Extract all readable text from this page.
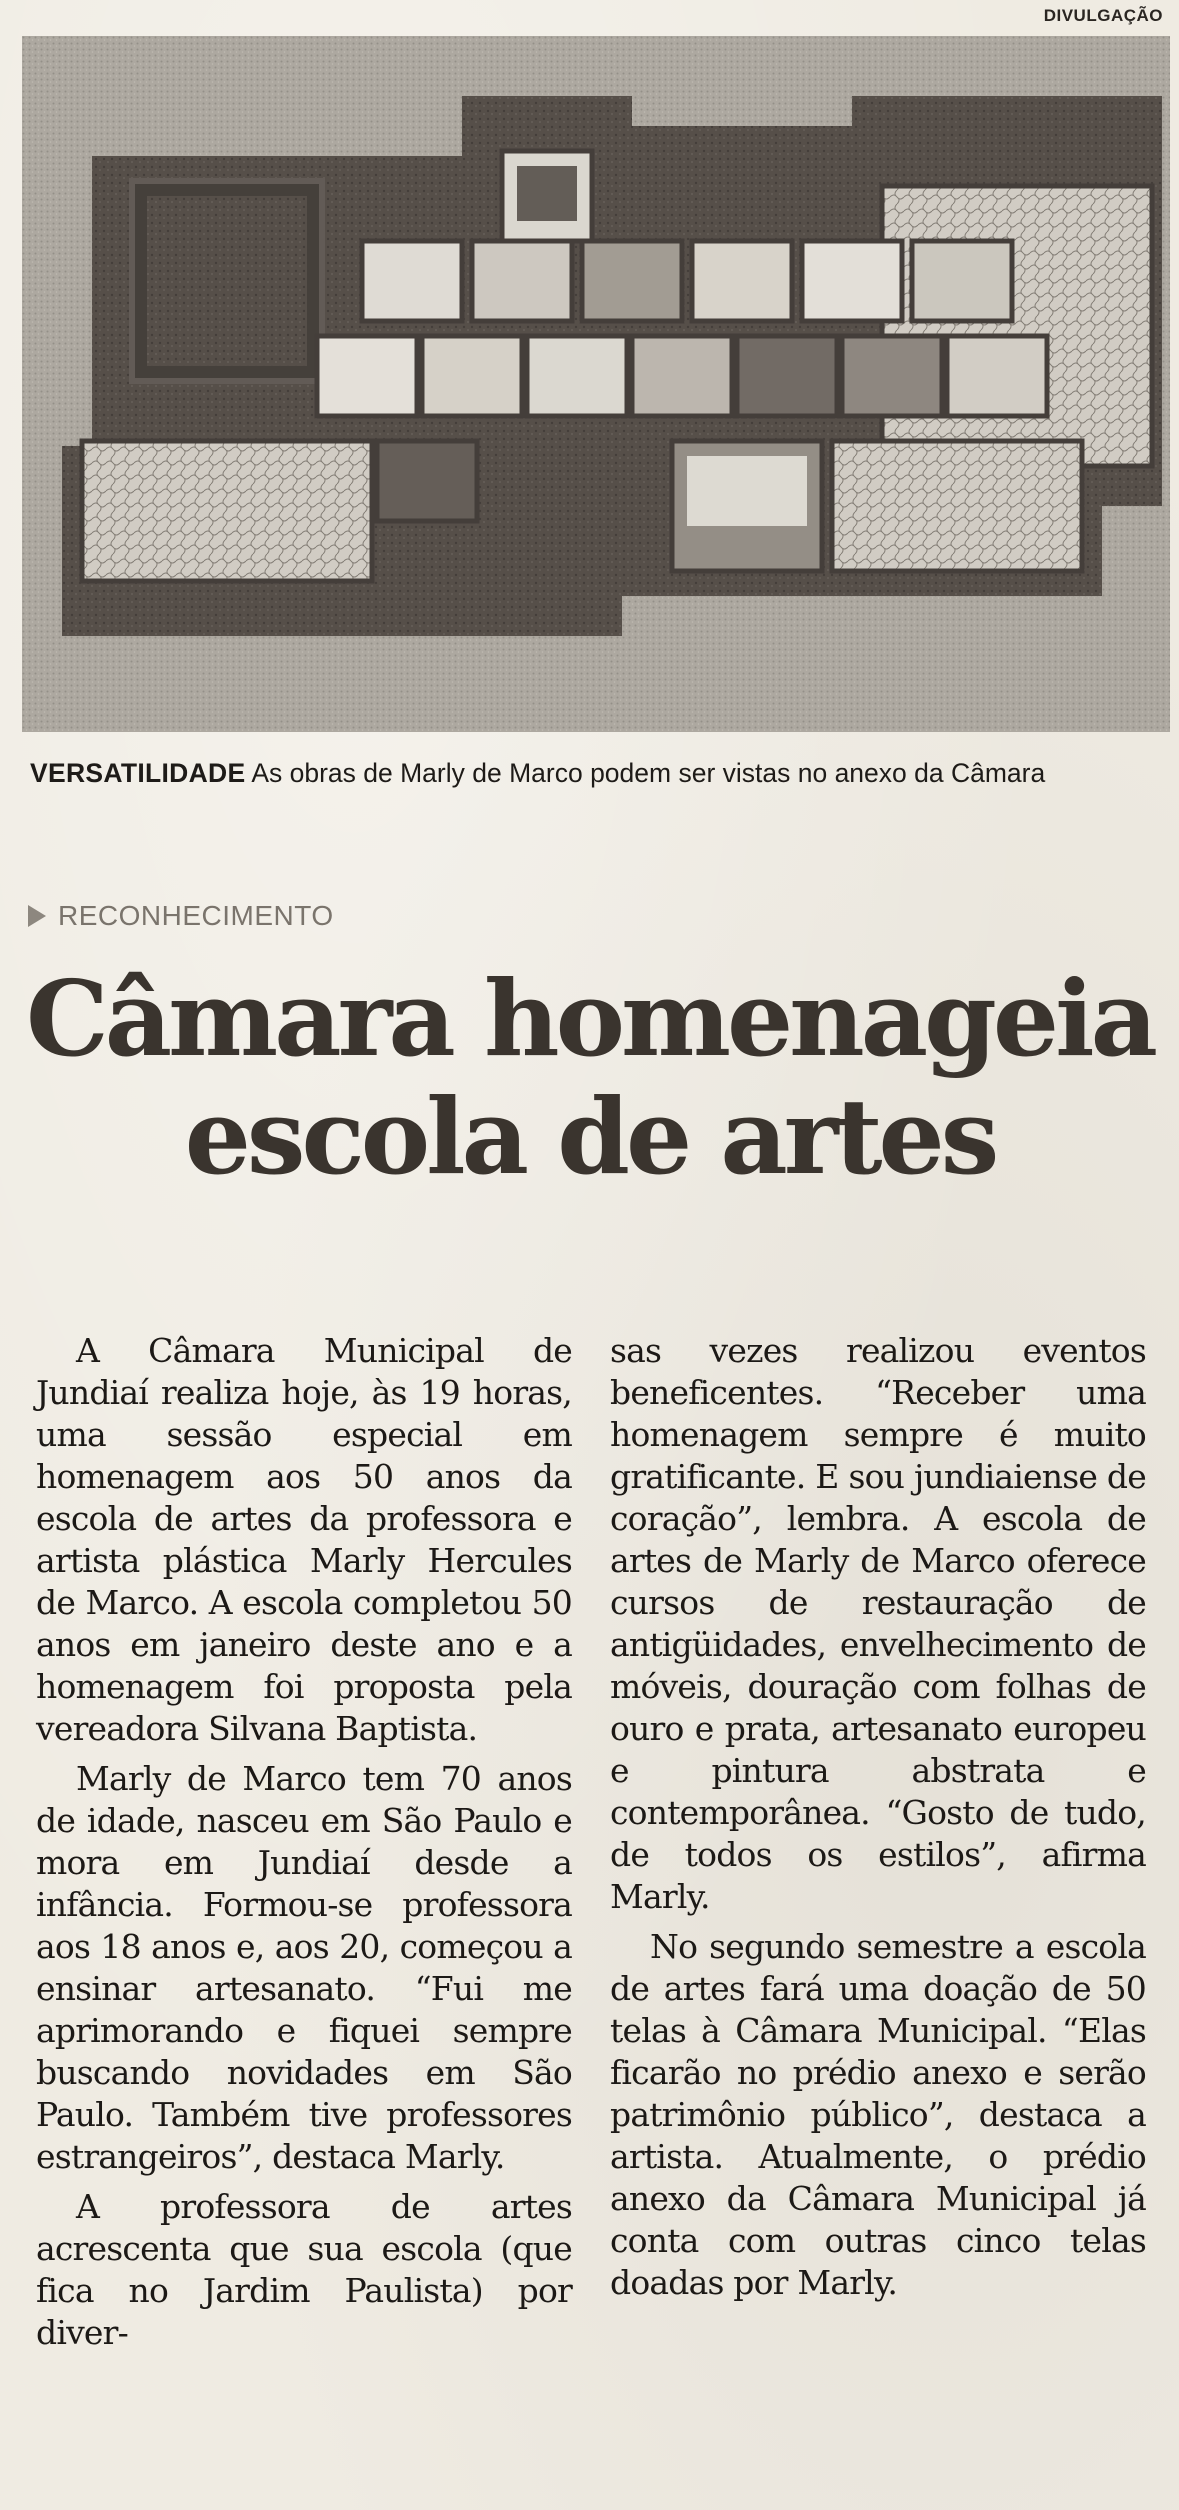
DIVULGAÇÃO
VERSATILIDADE As obras de Marly de Marco podem ser vistas no anexo da Câmara
RECONHECIMENTO
Câmara homenageia
escola de artes

A Câmara Municipal de Jundiaí realiza hoje, às 19 horas, uma sessão especial em homenagem aos 50 anos da escola de artes da professora e artista plástica Marly Hercules de Marco. A escola completou 50 anos em janeiro deste ano e a homenagem foi proposta pela vereadora Silvana Baptista.

Marly de Marco tem 70 anos de idade, nasceu em São Paulo e mora em Jundiaí desde a infância. Formou-se professora aos 18 anos e, aos 20, começou a ensinar artesanato. “Fui me aprimorando e fiquei sempre buscando novidades em São Paulo. Também tive professores estrangeiros”, destaca Marly.

A professora de artes acrescenta que sua escola (que fica no Jardim Paulista) por diver-

sas vezes realizou eventos beneficentes. “Receber uma homenagem sempre é muito gratificante. E sou jundiaiense de coração”, lembra. A escola de artes de Marly de Marco oferece cursos de restauração de antigüidades, envelhecimento de móveis, douração com folhas de ouro e prata, artesanato europeu e pintura abstrata e contemporânea. “Gosto de tudo, de todos os estilos”, afirma Marly.

No segundo semestre a escola de artes fará uma doação de 50 telas à Câmara Municipal. “Elas ficarão no prédio anexo e serão patrimônio público”, destaca a artista. Atualmente, o prédio anexo da Câmara Municipal já conta com outras cinco telas doadas por Marly.
